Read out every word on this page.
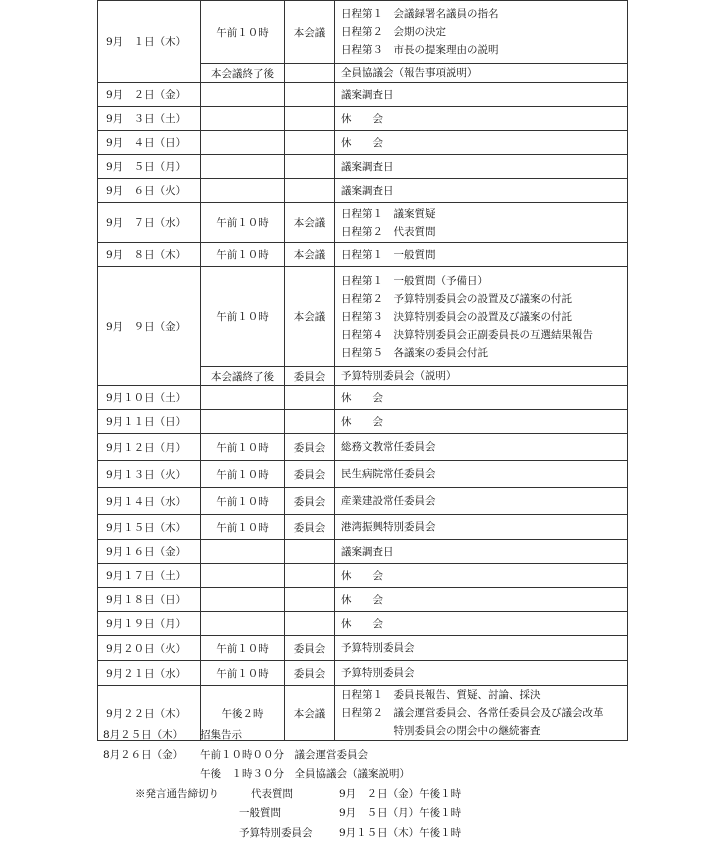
9月　１日（木）	午前１０時	本会議	日程第１　会議録署名議員の指名
日程第２　会期の決定
日程第３　市長の提案理由の説明

	本会議終了後		全員協議会（報告事項説明）

9月　２日（金）			議案調査日

9月　３日（土）			休　　会

9月　４日（日）			休　　会

9月　５日（月）			議案調査日

9月　６日（火）			議案調査日

9月　７日（水）	午前１０時	本会議	日程第１　議案質疑
日程第２　代表質問

9月　８日（木）	午前１０時	本会議	日程第１　一般質問

9月　９日（金）	午前１０時	本会議	日程第１　一般質問（予備日）
日程第２　予算特別委員会の設置及び議案の付託
日程第３　決算特別委員会の設置及び議案の付託
日程第４　決算特別委員会正副委員長の互選結果報告
日程第５　各議案の委員会付託

	本会議終了後	委員会	予算特別委員会（説明）

9月１０日（土）			休　　会

9月１１日（日）			休　　会

9月１２日（月）	午前１０時	委員会	総務文教常任委員会

9月１３日（火）	午前１０時	委員会	民生病院常任委員会

9月１４日（水）	午前１０時	委員会	産業建設常任委員会

9月１５日（木）	午前１０時	委員会	港湾振興特別委員会

9月１６日（金）			議案調査日

9月１７日（土）			休　　会

9月１８日（日）			休　　会

9月１９日（月）			休　　会

9月２０日（火）	午前１０時	委員会	予算特別委員会

9月２１日（水）	午前１０時	委員会	予算特別委員会

9月２２日（木）	午後２時	本会議	日程第１　委員長報告、質疑、討論、採決
日程第２　議会運営委員会、各常任委員会及び議会改革
　　　　　特別委員会の閉会中の継続審査
8月２５日（木） 招集告示
8月２６日（金） 午前１０時００分　議会運営委員会
午後　１時３０分　全員協議会（議案説明）
※発言通告締切り	代表質問	9月　２日（金）午後１時
一般質問	9月　５日（月）午後１時
予算特別委員会	9月１５日（木）午後１時
